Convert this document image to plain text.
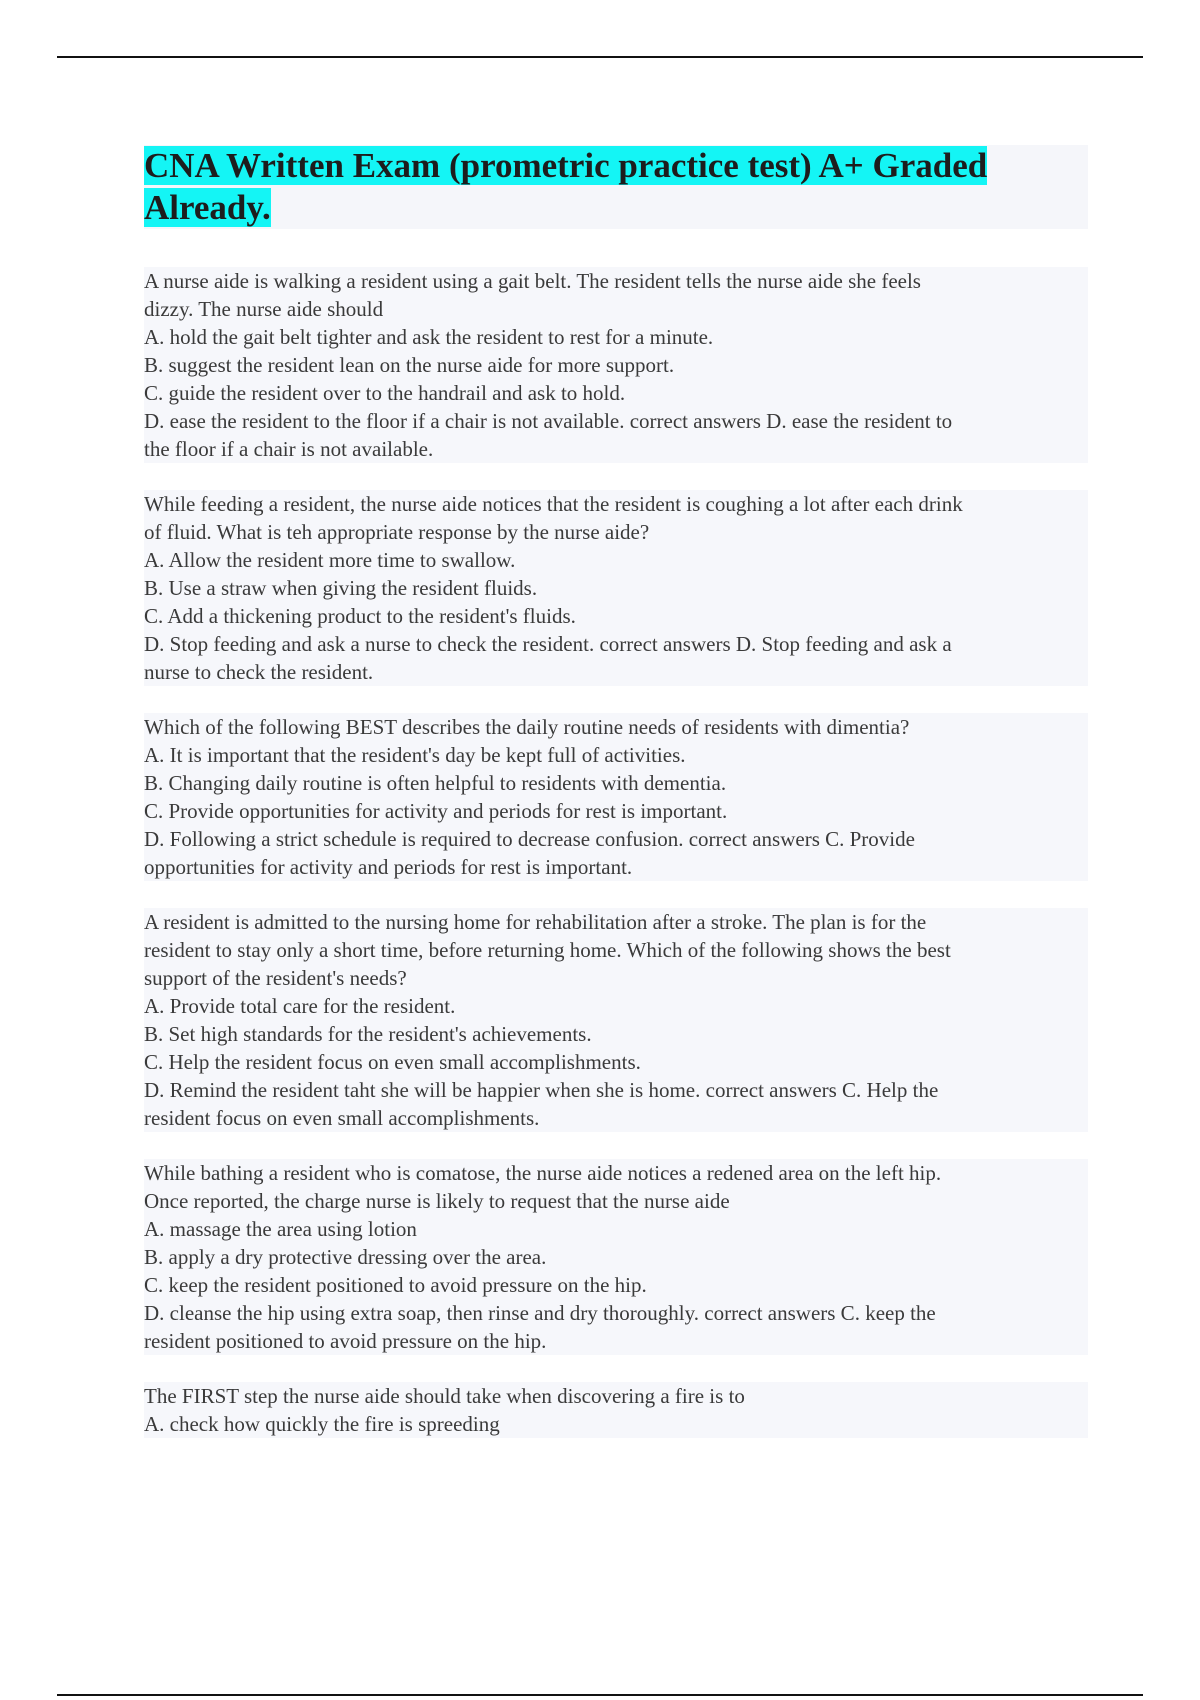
CNA Written Exam (prometric practice test) A+ Graded Already.
A nurse aide is walking a resident using a gait belt. The resident tells the nurse aide she feels
dizzy. The nurse aide should
A. hold the gait belt tighter and ask the resident to rest for a minute.
B. suggest the resident lean on the nurse aide for more support.
C. guide the resident over to the handrail and ask to hold.
D. ease the resident to the floor if a chair is not available. correct answers D. ease the resident to
the floor if a chair is not available.
While feeding a resident, the nurse aide notices that the resident is coughing a lot after each drink
of fluid. What is teh appropriate response by the nurse aide?
A. Allow the resident more time to swallow.
B. Use a straw when giving the resident fluids.
C. Add a thickening product to the resident's fluids.
D. Stop feeding and ask a nurse to check the resident. correct answers D. Stop feeding and ask a
nurse to check the resident.
Which of the following BEST describes the daily routine needs of residents with dimentia?
A. It is important that the resident's day be kept full of activities.
B. Changing daily routine is often helpful to residents with dementia.
C. Provide opportunities for activity and periods for rest is important.
D. Following a strict schedule is required to decrease confusion. correct answers C. Provide
opportunities for activity and periods for rest is important.
A resident is admitted to the nursing home for rehabilitation after a stroke. The plan is for the
resident to stay only a short time, before returning home. Which of the following shows the best
support of the resident's needs?
A. Provide total care for the resident.
B. Set high standards for the resident's achievements.
C. Help the resident focus on even small accomplishments.
D. Remind the resident taht she will be happier when she is home. correct answers C. Help the
resident focus on even small accomplishments.
While bathing a resident who is comatose, the nurse aide notices a redened area on the left hip.
Once reported, the charge nurse is likely to request that the nurse aide
A. massage the area using lotion
B. apply a dry protective dressing over the area.
C. keep the resident positioned to avoid pressure on the hip.
D. cleanse the hip using extra soap, then rinse and dry thoroughly. correct answers C. keep the
resident positioned to avoid pressure on the hip.
The FIRST step the nurse aide should take when discovering a fire is to
A. check how quickly the fire is spreeding
